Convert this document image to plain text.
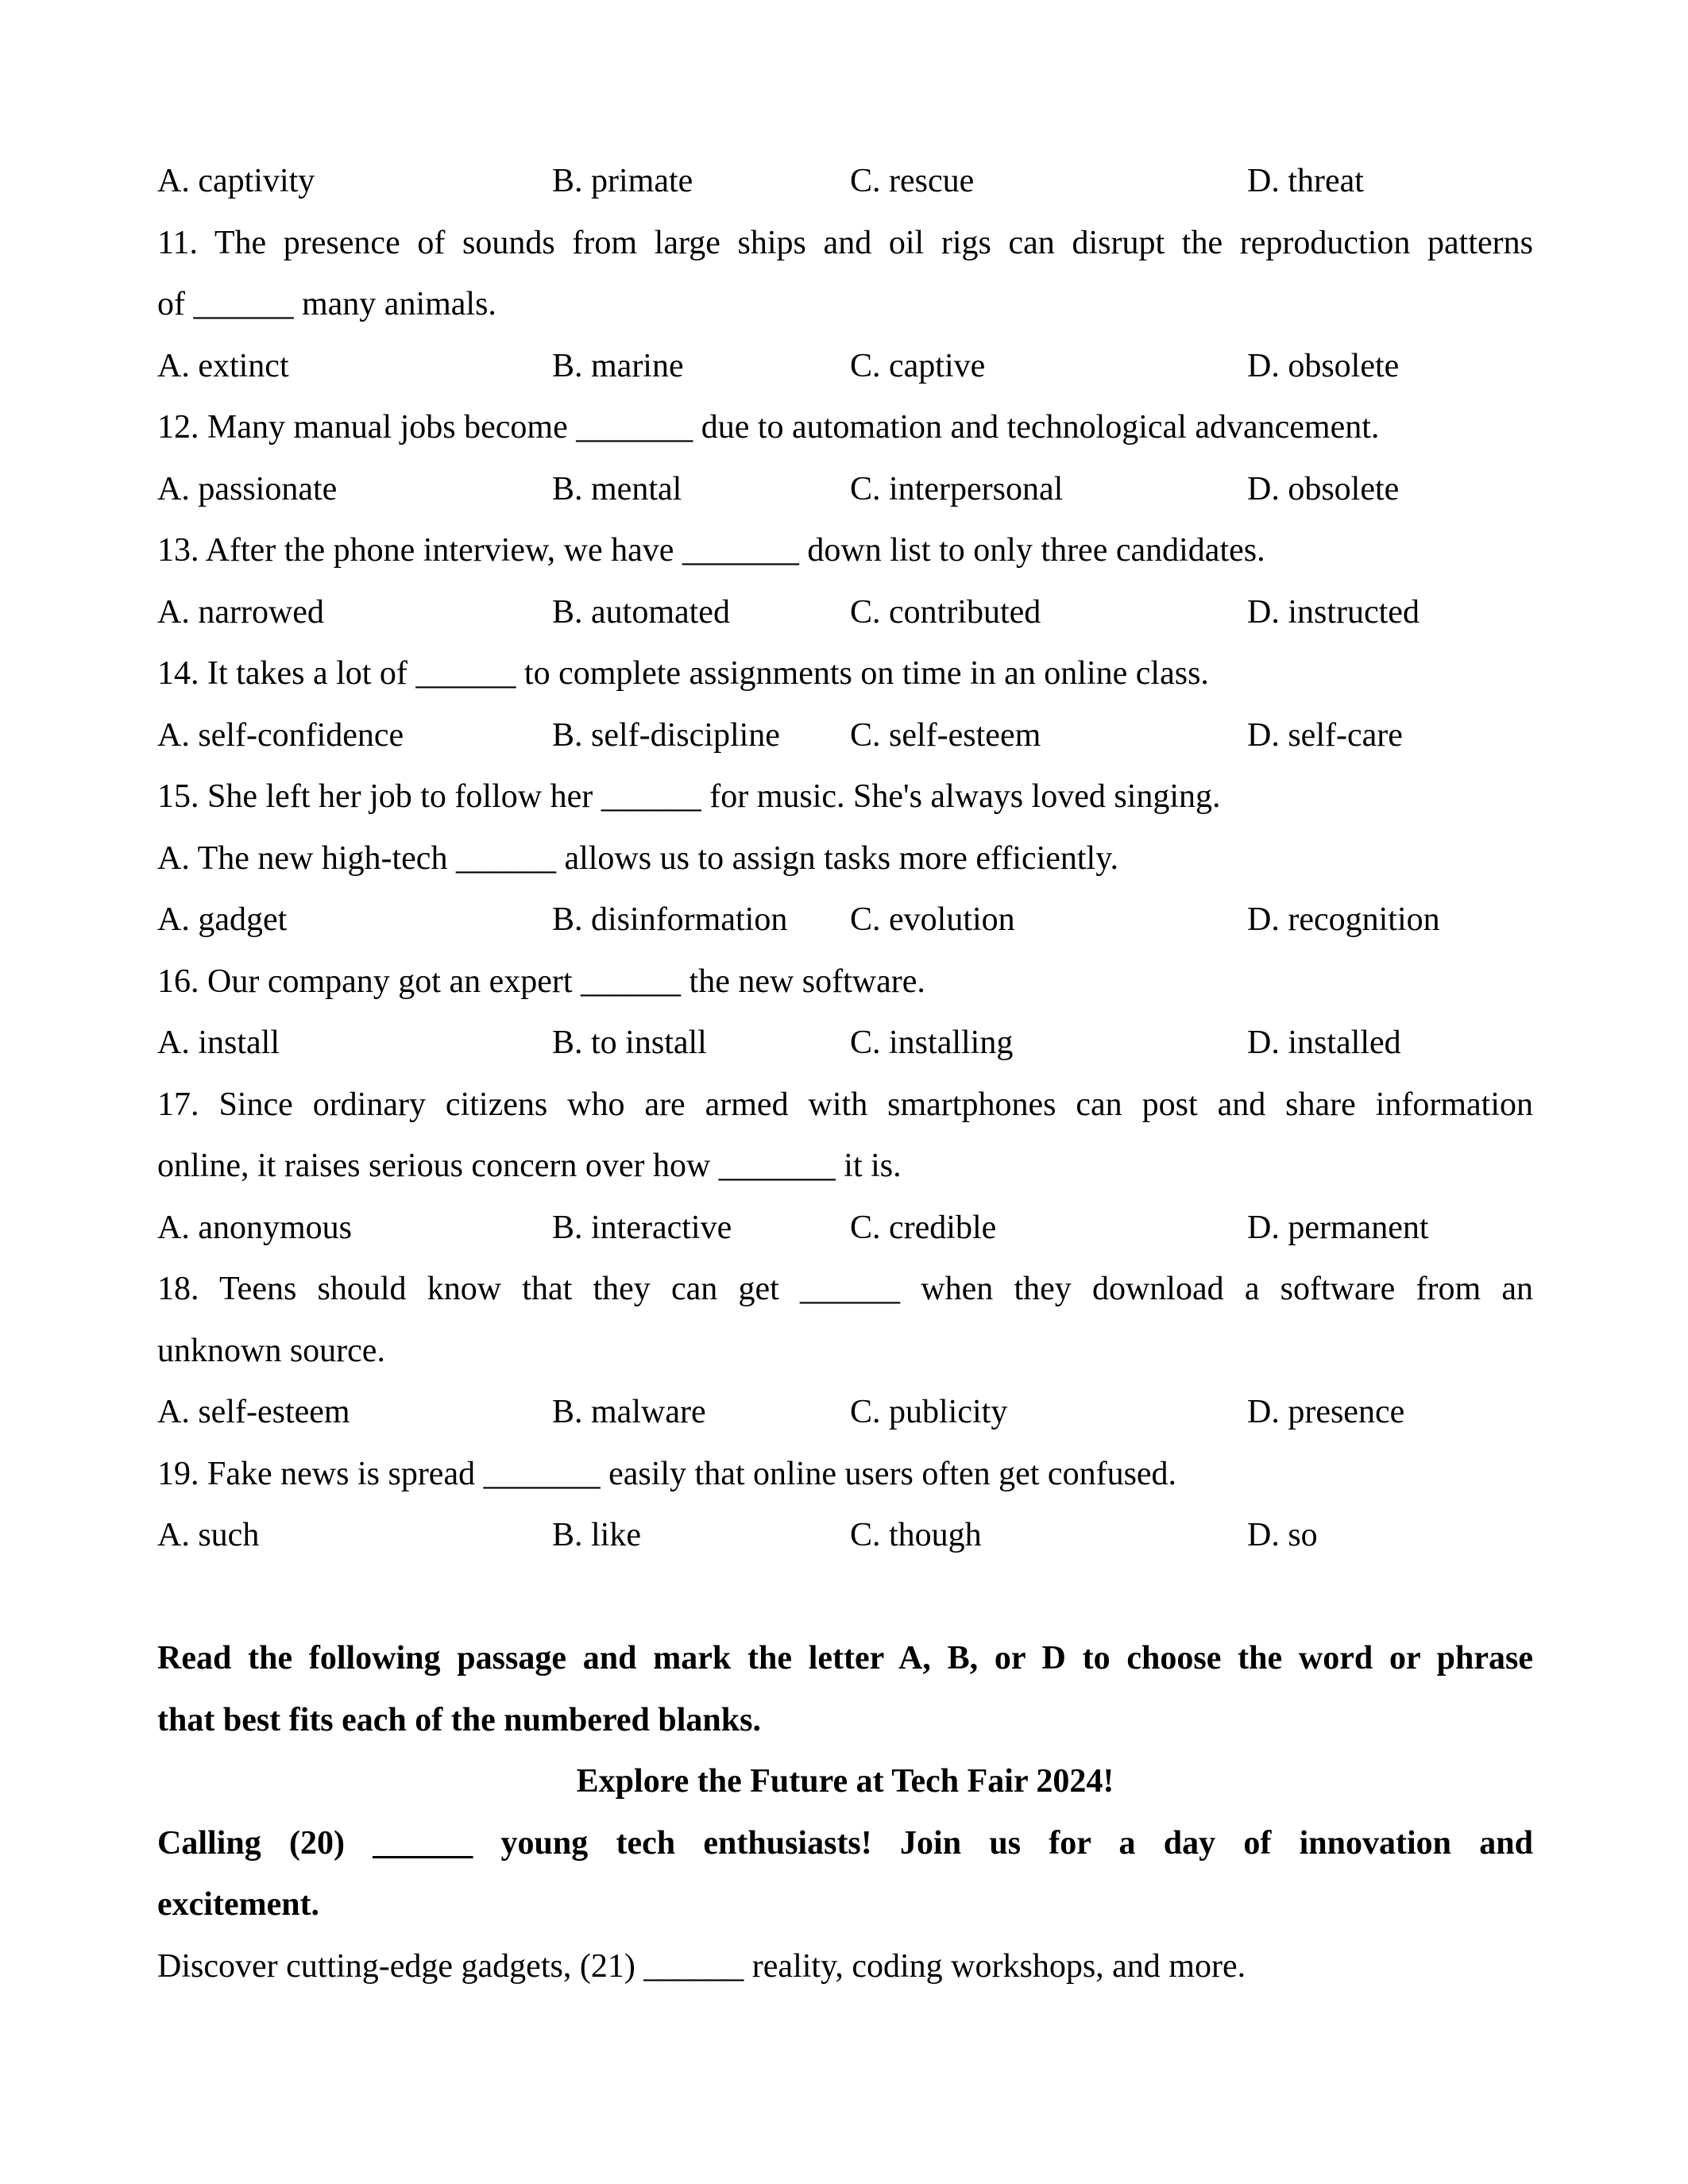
A. captivity	B. primate	C. rescue	D. threat
11. The presence of sounds from large ships and oil rigs can disrupt the reproduction patterns
of ______ many animals.
A. extinct	B. marine	C. captive	D. obsolete
12. Many manual jobs become _______ due to automation and technological advancement.
A. passionate	B. mental	C. interpersonal	D. obsolete
13. After the phone interview, we have _______ down list to only three candidates.
A. narrowed	B. automated	C. contributed	D. instructed
14. It takes a lot of ______ to complete assignments on time in an online class.
A. self-confidence	B. self-discipline C. self-esteem	D. self-care
15. She left her job to follow her ______ for music. She's always loved singing.
A. The new high-tech ______ allows us to assign tasks more efficiently.
A. gadget	B. disinformation C. evolution	D. recognition
16. Our company got an expert ______ the new software.
A. install	B. to install	C. installing	D. installed
17. Since ordinary citizens who are armed with smartphones can post and share information
online, it raises serious concern over how _______ it is.
A. anonymous	B. interactive	C. credible	D. permanent
18. Teens should know that they can get ______ when they download a software from an
unknown source.
A. self-esteem	B. malware	C. publicity	D. presence
19. Fake news is spread _______ easily that online users often get confused.
A. such	B. like	C. though	D. so
Read the following passage and mark the letter A, B, or D to choose the word or phrase
that best fits each of the numbered blanks.
Explore the Future at Tech Fair 2024!
Calling (20) ______ young tech enthusiasts! Join us for a day of innovation and
excitement.
Discover cutting-edge gadgets, (21) ______ reality, coding workshops, and more.
